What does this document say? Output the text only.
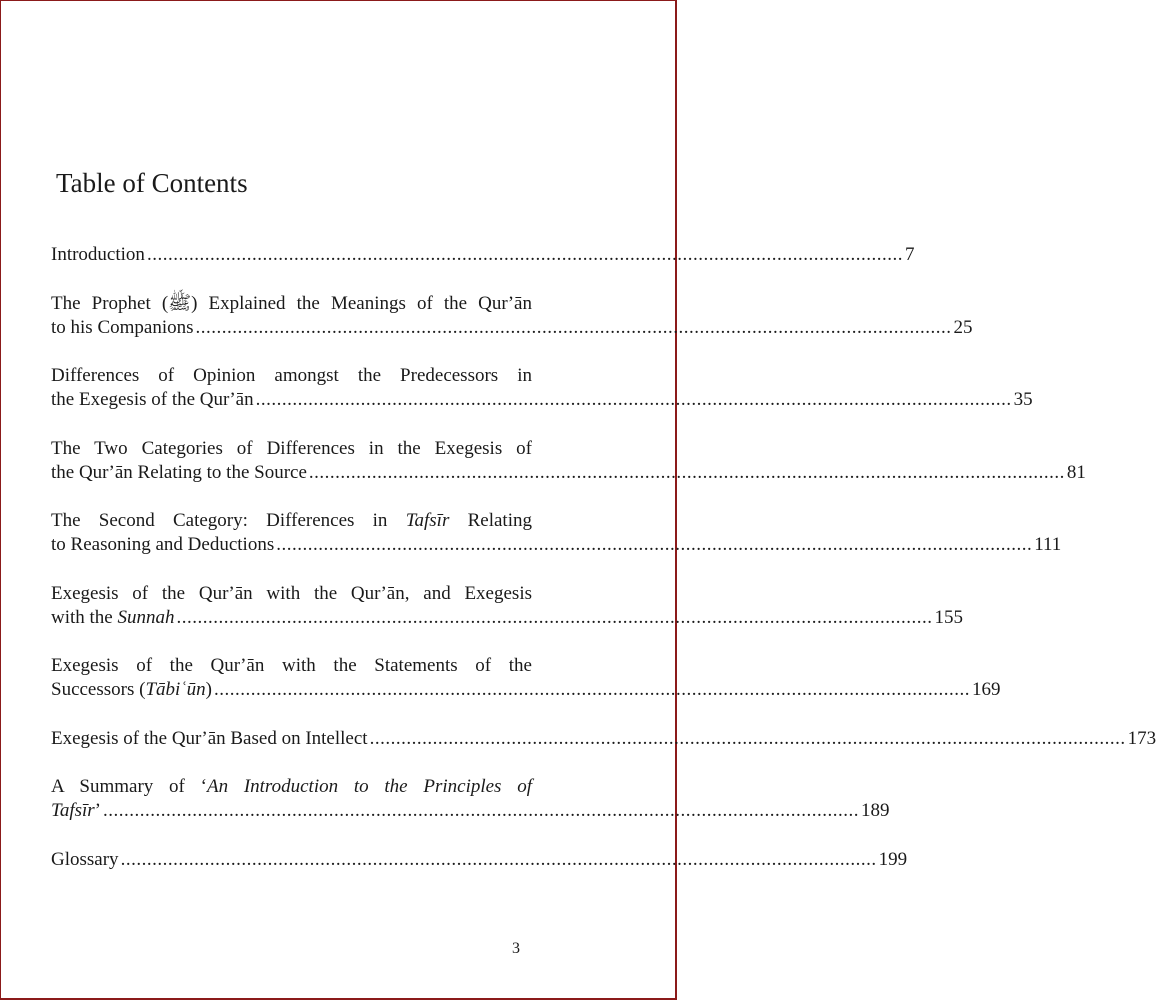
Table of Contents
Introduction ................................................................................................................................................ 7
The Prophet (ﷺ) Explained the Meanings of the Qurʼān
to his Companions ................................................................................................................................................ 25
Differences of Opinion amongst the Predecessors in
the Exegesis of the Qurʼān ................................................................................................................................................ 35
The Two Categories of Differences in the Exegesis of
the Qurʼān Relating to the Source ................................................................................................................................................ 81
The Second Category: Differences in Tafsīr Relating
to Reasoning and Deductions ................................................................................................................................................ 111
Exegesis of the Qurʼān with the Qurʼān, and Exegesis
with the Sunnah ................................................................................................................................................ 155
Exegesis of the Qurʼān with the Statements of the
Successors (Tābiʿūn) ................................................................................................................................................ 169
Exegesis of the Qurʼān Based on Intellect ................................................................................................................................................ 173
A Summary of ‘An Introduction to the Principles of
Tafsīr’ ................................................................................................................................................ 189
Glossary ................................................................................................................................................ 199
3
